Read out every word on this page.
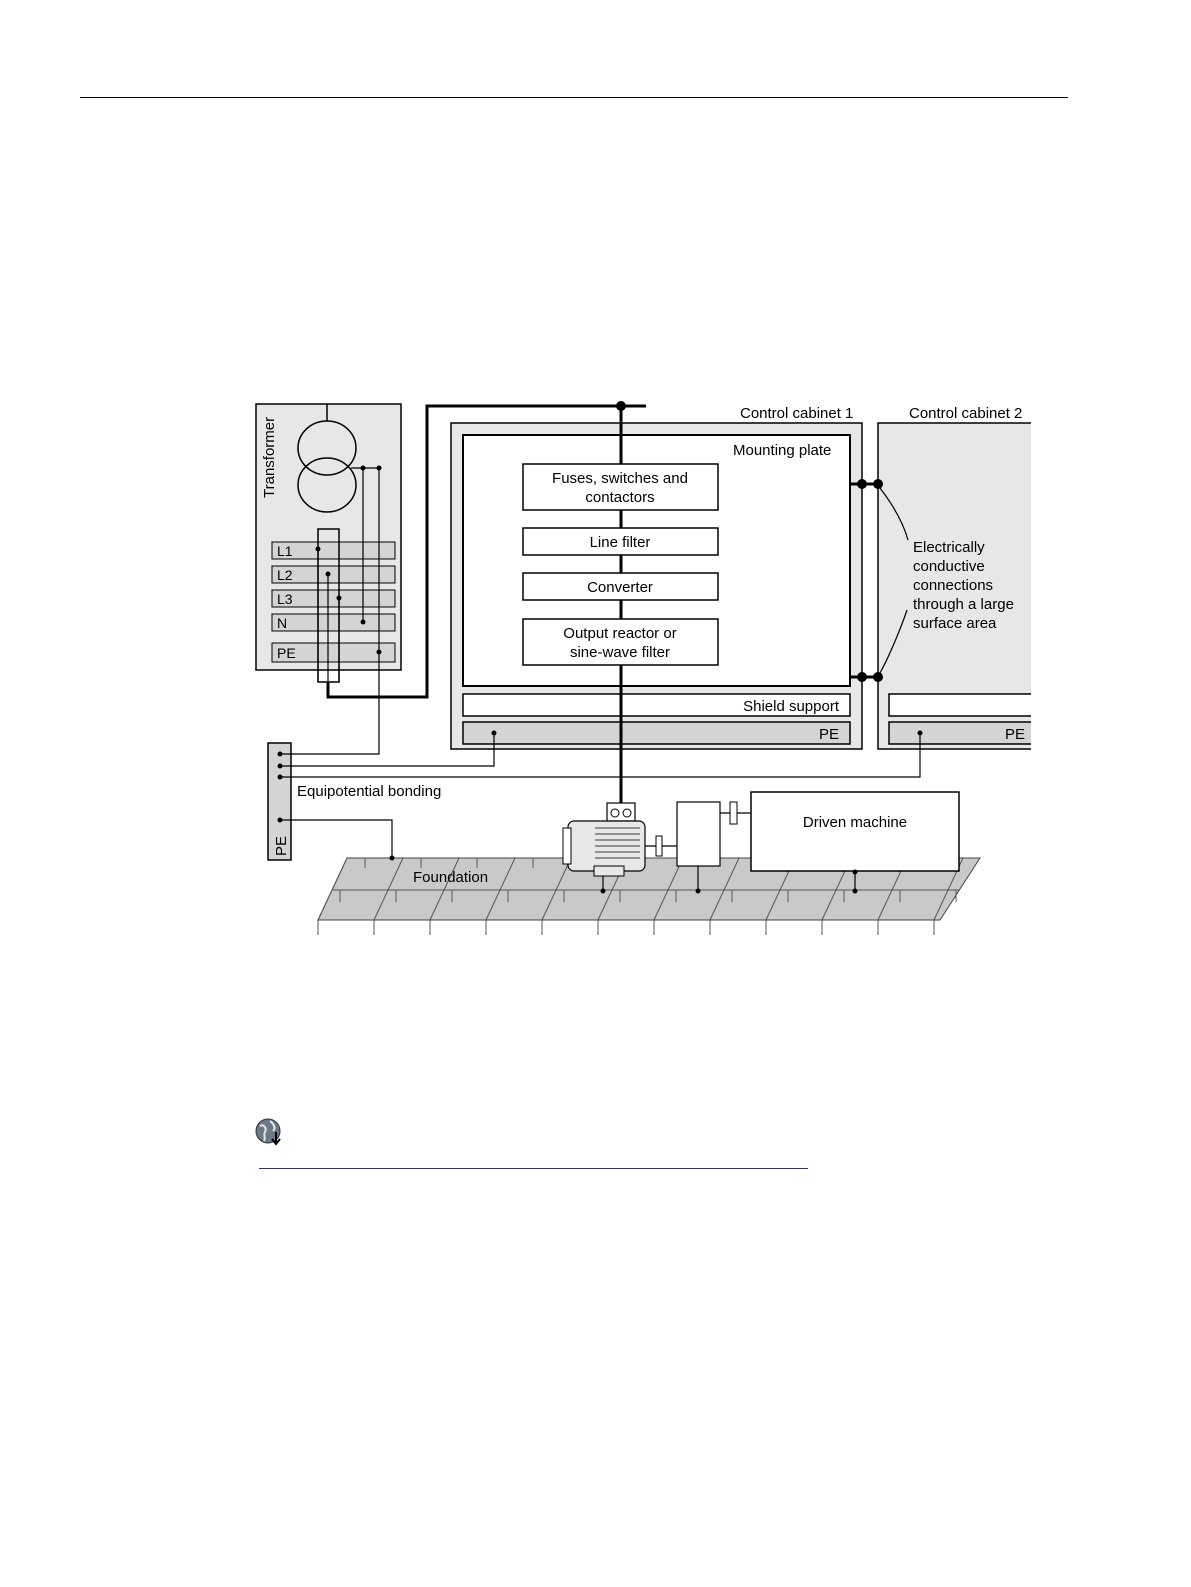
Foundation
Transformer
L1
L2
L3
N
PE
Control cabinet 1
Mounting plate
Fuses, switches and
contactors
Line filter
Converter
Output reactor or
sine-wave filter
Shield support
PE
Control cabinet 2
PE
Electrically
conductive
connections
through a large
surface area
PE
Equipotential bonding
Driven machine
